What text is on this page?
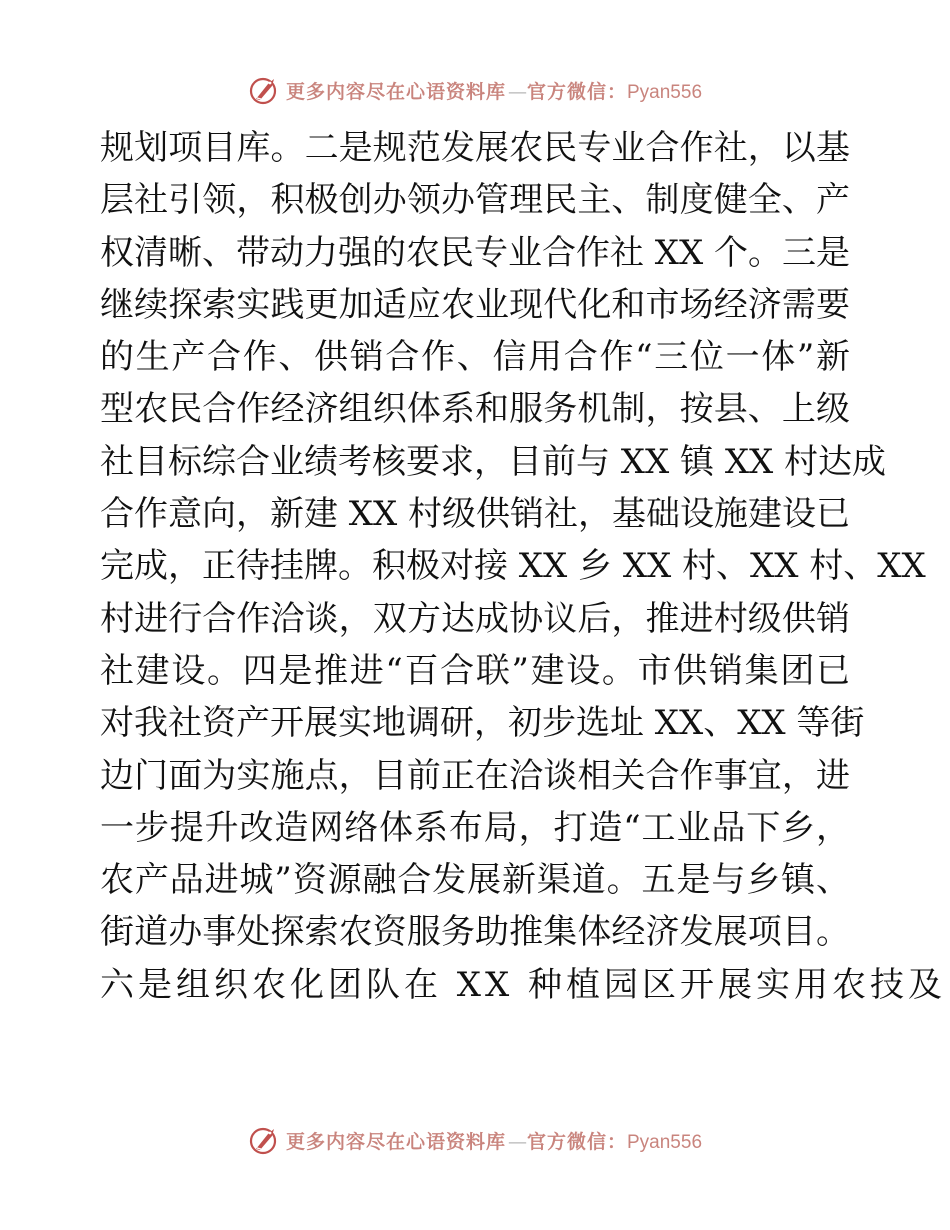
更多内容尽在心语资料库 — 官方微信：Pyan556
规划项目库。二是规范发展农民专业合作社，以基
层社引领，积极创办领办管理民主、制度健全、产
权清晰、带动力强的农民专业合作社 XX 个。三是
继续探索实践更加适应农业现代化和市场经济需要
的生产合作、供销合作、信用合作“三位一体”新
型农民合作经济组织体系和服务机制，按县、上级
社目标综合业绩考核要求，目前与 XX 镇 XX 村达成
合作意向，新建 XX 村级供销社，基础设施建设已
完成，正待挂牌。积极对接 XX 乡 XX 村、XX 村、XX
村进行合作洽谈，双方达成协议后，推进村级供销
社建设。四是推进“百合联”建设。市供销集团已
对我社资产开展实地调研，初步选址 XX、XX 等街
边门面为实施点，目前正在洽谈相关合作事宜，进
一步提升改造网络体系布局，打造“工业品下乡，
农产品进城”资源融合发展新渠道。五是与乡镇、
街道办事处探索农资服务助推集体经济发展项目。
六是组织农化团队在 XX 种植园区开展实用农技及
更多内容尽在心语资料库 — 官方微信：Pyan556
